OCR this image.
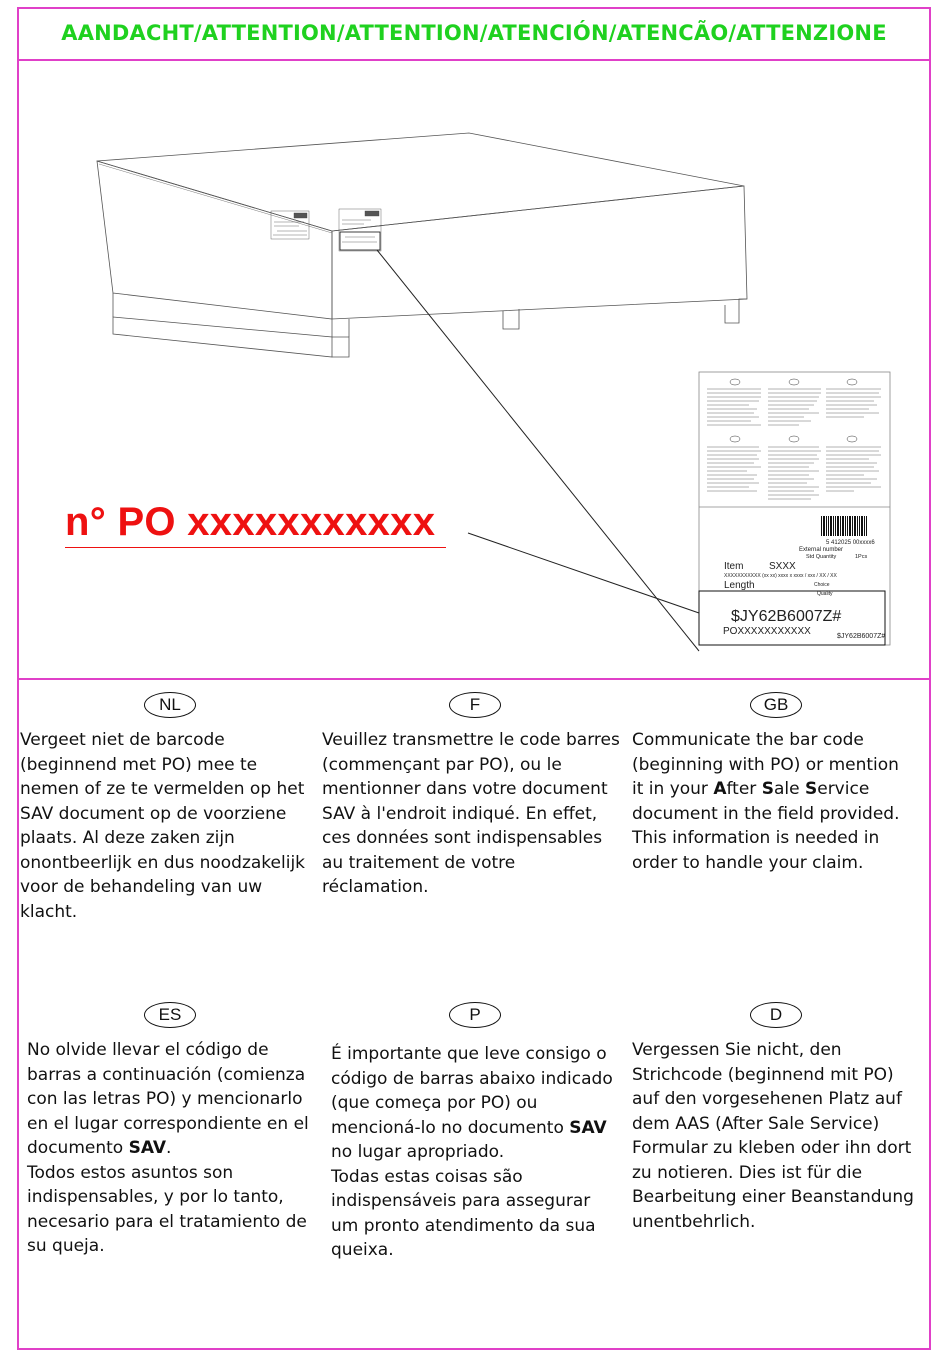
AANDACHT/ATTENTION/ATTENTION/ATENCIÓN/ATENCÃO/ATTENZIONE
5 412025 00xxxx6
External number
Std Quantity	1Pcs
Item	SXXX
XXXXXXXXXXX (xx xx) xxxx x xxxx / xxx / XX / XX
Length	Choice
Quality
$JY62B6007Z#
POXXXXXXXXXXX	$JY62B6007Z#
n° PO xxxxxxxxxxx
NL
Vergeet niet de barcode
(beginnend met PO) mee te
nemen of ze te vermelden op het
SAV document op de voorziene
plaats. Al deze zaken zijn
onontbeerlijk en dus noodzakelijk
voor de behandeling van uw
klacht.
F
Veuillez transmettre le code barres
(commençant par PO), ou le
mentionner dans votre document
SAV à l'endroit indiqué. En effet,
ces données sont indispensables
au traitement de votre
réclamation.
GB
Communicate the bar code
(beginning with PO) or mention
it in your After Sale Service
document in the field provided.
This information is needed in
order to handle your claim.
ES
No olvide llevar el código de
barras a continuación (comienza
con las letras PO) y mencionarlo
en el lugar correspondiente en el
documento SAV.
Todos estos asuntos son
indispensables, y por lo tanto,
necesario para el tratamiento de
su queja.
P
É importante que leve consigo o
código de barras abaixo indicado
(que começa por PO) ou
mencioná-lo no documento SAV
no lugar apropriado.
Todas estas coisas são
indispensáveis para assegurar
um pronto atendimento da sua
queixa.
D
Vergessen Sie nicht, den
Strichcode (beginnend mit PO)
auf den vorgesehenen Platz auf
dem AAS (After Sale Service)
Formular zu kleben oder ihn dort
zu notieren. Dies ist für die
Bearbeitung einer Beanstandung
unentbehrlich.
